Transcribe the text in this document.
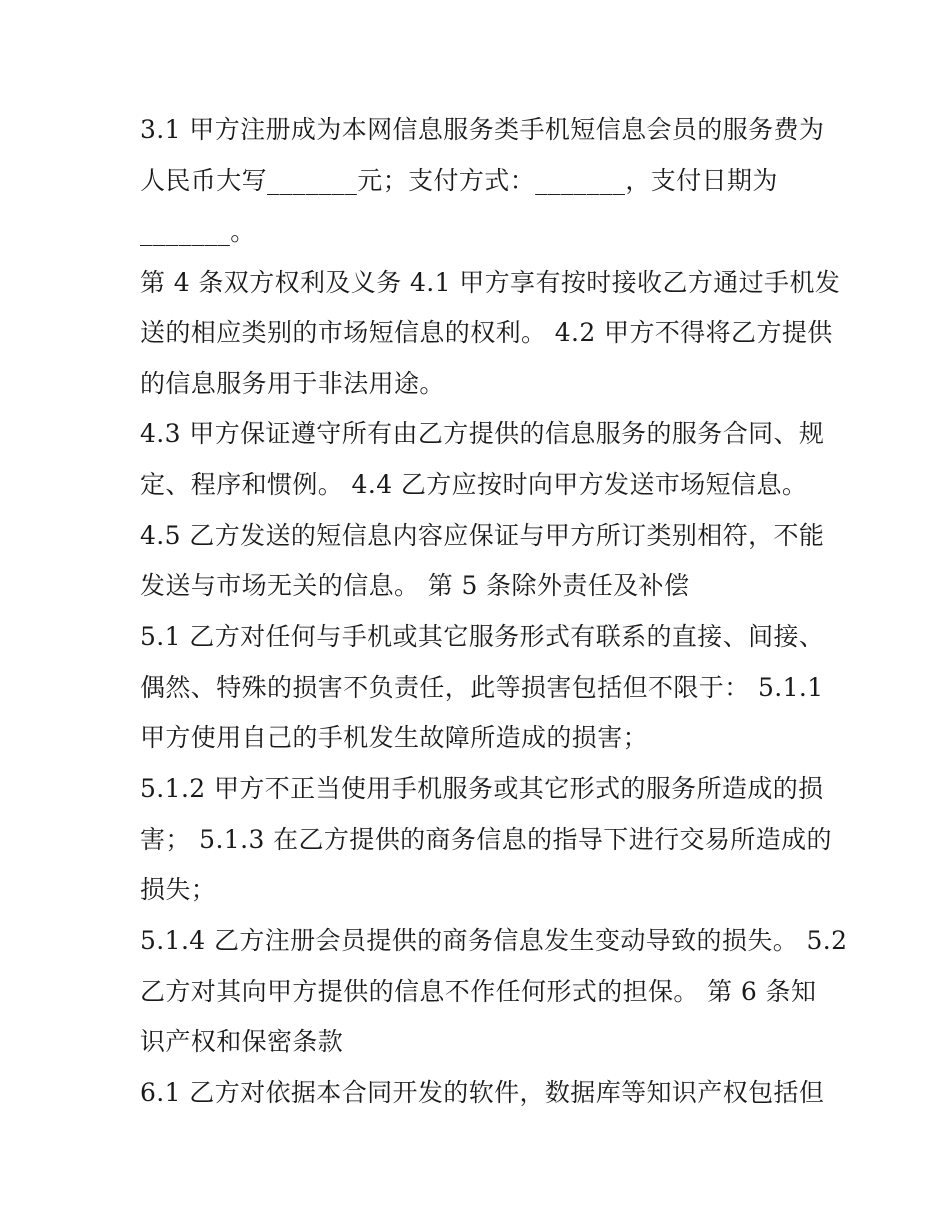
3.1 甲方注册成为本网信息服务类手机短信息会员的服务费为
人民币大写_______元；支付方式：_______，支付日期为
_______。
第 4 条双方权利及义务 4.1 甲方享有按时接收乙方通过手机发
送的相应类别的市场短信息的权利。 4.2 甲方不得将乙方提供
的信息服务用于非法用途。
4.3 甲方保证遵守所有由乙方提供的信息服务的服务合同、规
定、程序和惯例。 4.4 乙方应按时向甲方发送市场短信息。
4.5 乙方发送的短信息内容应保证与甲方所订类别相符，不能
发送与市场无关的信息。 第 5 条除外责任及补偿
5.1 乙方对任何与手机或其它服务形式有联系的直接、间接、
偶然、特殊的损害不负责任，此等损害包括但不限于： 5.1.1
甲方使用自己的手机发生故障所造成的损害；
5.1.2 甲方不正当使用手机服务或其它形式的服务所造成的损
害； 5.1.3 在乙方提供的商务信息的指导下进行交易所造成的
损失；
5.1.4 乙方注册会员提供的商务信息发生变动导致的损失。 5.2
乙方对其向甲方提供的信息不作任何形式的担保。 第 6 条知
识产权和保密条款
6.1 乙方对依据本合同开发的软件，数据库等知识产权包括但
